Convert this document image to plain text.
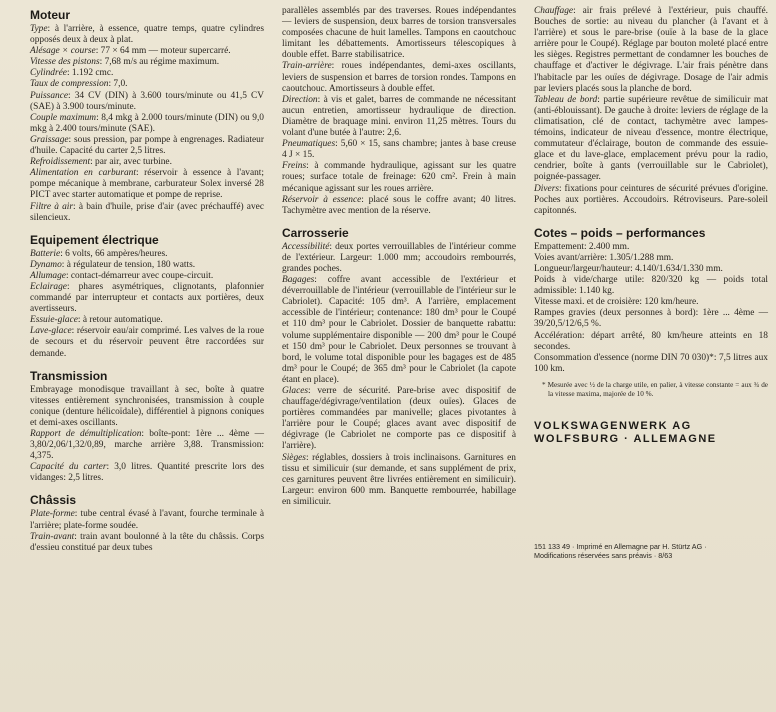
Moteur

Type: à l'arrière, à essence, quatre temps, quatre cylindres opposés deux à deux à plat.

Alésage × course: 77 × 64 mm — moteur supercarré.

Vitesse des pistons: 7,68 m/s au régime maximum.

Cylindrée: 1.192 cmc.

Taux de compression: 7,0.

Puissance: 34 CV (DIN) à 3.600 tours/minute ou 41,5 CV (SAE) à 3.900 tours/minute.

Couple maximum: 8,4 mkg à 2.000 tours/minute (DIN) ou 9,0 mkg à 2.400 tours/minute (SAE).

Graissage: sous pression, par pompe à engrenages. Radiateur d'huile. Capacité du carter 2,5 litres.

Refroidissement: par air, avec turbine.

Alimentation en carburant: réservoir à essence à l'avant; pompe mécanique à membrane, carburateur Solex inversé 28 PICT avec starter automatique et pompe de reprise.

Filtre à air: à bain d'huile, prise d'air (avec préchauffé) avec silencieux.

Equipement électrique

Batterie: 6 volts, 66 ampères/heures.

Dynamo: à régulateur de tension, 180 watts.

Allumage: contact-démarreur avec coupe-circuit.

Eclairage: phares asymétriques, clignotants, plafonnier commandé par interrupteur et contacts aux portières, deux avertisseurs.

Essuie-glace: à retour automatique.

Lave-glace: réservoir eau/air comprimé. Les valves de la roue de secours et du réservoir peuvent être raccordées sur demande.

Transmission

Embrayage monodisque travaillant à sec, boîte à quatre vitesses entièrement synchronisées, transmission à couple conique (denture hélicoïdale), différentiel à pignons coniques et demi-axes oscillants.

Rapport de démultiplication: boîte-pont: 1ère ... 4ème — 3,80/2,06/1,32/0,89, marche arrière 3,88. Transmission: 4,375.

Capacité du carter: 3,0 litres. Quantité prescrite lors des vidanges: 2,5 litres.

Châssis

Plate-forme: tube central évasé à l'avant, fourche terminale à l'arrière; plate-forme soudée.

Train-avant: train avant boulonné à la tête du châssis. Corps d'essieu constitué par deux tubes

parallèles assemblés par des traverses. Roues indépendantes — leviers de suspension, deux barres de torsion transversales composées chacune de huit lamelles. Tampons en caoutchouc limitant les débattements. Amortisseurs télescopiques à double effet. Barre stabilisatrice.

Train-arrière: roues indépendantes, demi-axes oscillants, leviers de suspension et barres de torsion rondes. Tampons en caoutchouc. Amortisseurs à double effet.

Direction: à vis et galet, barres de commande ne nécessitant aucun entretien, amortisseur hydraulique de direction. Diamètre de braquage mini. environ 11,25 mètres. Tours du volant d'une butée à l'autre: 2,6.

Pneumatiques: 5,60 × 15, sans chambre; jantes à base creuse 4 J × 15.

Freins: à commande hydraulique, agissant sur les quatre roues; surface totale de freinage: 620 cm². Frein à main mécanique agissant sur les roues arrière.

Réservoir à essence: placé sous le coffre avant; 40 litres. Tachymètre avec mention de la réserve.

Carrosserie

Accessibilité: deux portes verrouillables de l'intérieur comme de l'extérieur. Largeur: 1.000 mm; accoudoirs rembourrés, grandes poches.

Bagages: coffre avant accessible de l'extérieur et déverrouillable de l'intérieur (verrouillable de l'intérieur sur le Cabriolet). Capacité: 105 dm³. A l'arrière, emplacement accessible de l'intérieur; contenance: 180 dm³ pour le Coupé et 110 dm³ pour le Cabriolet. Dossier de banquette rabattu: volume supplémentaire disponible — 200 dm³ pour le Coupé et 150 dm³ pour le Cabriolet. Deux personnes se trouvant à bord, le volume total disponible pour les bagages est de 485 dm³ pour le Coupé; de 365 dm³ pour le Cabriolet (la capote étant en place).

Glaces: verre de sécurité. Pare-brise avec dispositif de chauffage/dégivrage/ventilation (deux ouïes). Glaces de portières commandées par manivelle; glaces pivotantes à l'arrière pour le Coupé; glaces avant avec dispositif de dégivrage (le Cabriolet ne comporte pas ce dispositif à l'arrière).

Sièges: réglables, dossiers à trois inclinaisons. Garnitures en tissu et similicuir (sur demande, et sans supplément de prix, ces garnitures peuvent être livrées entièrement en similicuir). Largeur: environ 600 mm. Banquette rembourrée, habillage en similicuir.

Chauffage: air frais prélevé à l'extérieur, puis chauffé. Bouches de sortie: au niveau du plancher (à l'avant et à l'arrière) et sous le pare-brise (ouïe à la base de la glace arrière pour le Coupé). Réglage par bouton moleté placé entre les sièges. Registres permettant de condamner les bouches de chauffage et d'activer le dégivrage. L'air frais pénètre dans l'habitacle par les ouïes de dégivrage. Dosage de l'air admis par leviers placés sous la planche de bord.

Tableau de bord: partie supérieure revêtue de similicuir mat (anti-éblouissant). De gauche à droite: leviers de réglage de la climatisation, clé de contact, tachymètre avec lampes-témoins, indicateur de niveau d'essence, montre électrique, commutateur d'éclairage, bouton de commande des essuie-glace et du lave-glace, emplacement prévu pour la radio, cendrier, boîte à gants (verrouillable sur le Cabriolet), poignée-passager.

Divers: fixations pour ceintures de sécurité prévues d'origine. Poches aux portières. Accoudoirs. Rétroviseurs. Pare-soleil capitonnés.

Cotes – poids – performances

Empattement: 2.400 mm.

Voies avant/arrière: 1.305/1.288 mm.

Longueur/largeur/hauteur: 4.140/1.634/1.330 mm.

Poids à vide/charge utile: 820/320 kg — poids total admissible: 1.140 kg.

Vitesse maxi. et de croisière: 120 km/heure.

Rampes gravies (deux personnes à bord): 1ère ... 4ème — 39/20,5/12/6,5 %.

Accélération: départ arrêté, 80 km/heure atteints en 18 secondes.

Consommation d'essence (norme DIN 70 030)*: 7,5 litres aux 100 km.

* Mesurée avec ½ de la charge utile, en palier, à vitesse constante = aux ¾ de la vitesse maxima, majorée de 10 %.

VOLKSWAGENWERK AG
WOLFSBURG · ALLEMAGNE
151 133 49 · Imprimé en Allemagne par H. Stürtz AG ·
Modifications réservées sans préavis · 8/63
